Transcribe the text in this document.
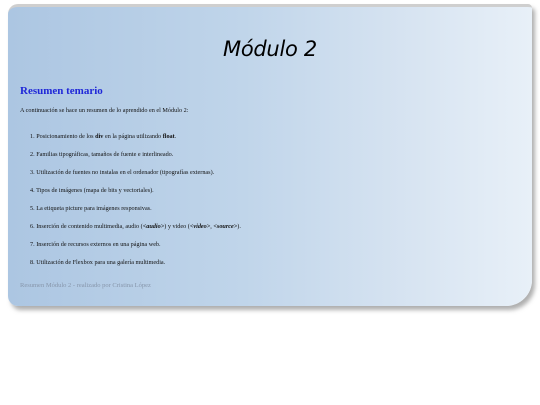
Módulo 2
Resumen temario
A continuación se hace un resumen de lo aprendido en el Módulo 2:
1. Posicionamiento de los div en la página utilizando float.
2. Familias tipográficas, tamaños de fuente e interlineado.
3. Utilización de fuentes no instalas en el ordenador (tipografías externas).
4. Tipos de imágenes (mapa de bits y vectoriales).
5. La etiqueta picture para imágenes responsivas.
6. Inserción de contenido multimedia, audio (<audio>) y video (<video>, <source>).
7. Inserción de recursos externos en una página web.
8. Utilización de Flexbox para una galería multimedia.
Resumen Módulo 2 - realizado por Cristina López
